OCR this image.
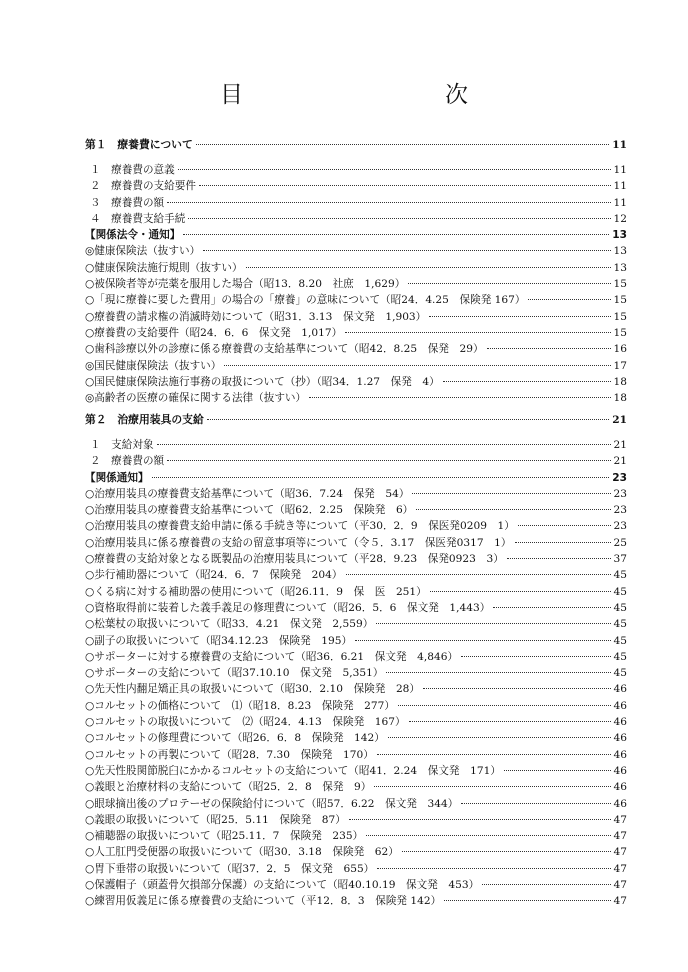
目　　次
第１　療養費について	11
１　療養費の意義	11
２　療養費の支給要件	11
３　療養費の額	11
４　療養費支給手続	12
【関係法令・通知】	13
◎健康保険法（抜すい）	13
○健康保険法施行規則（抜すい）	13
○被保険者等が売薬を服用した場合（昭13．8.20　社庶　1,629）	15
○「現に療養に要した費用」の場合の「療養」の意味について（昭24．4.25　保険発 167）	15
○療養費の請求権の消滅時効について（昭31．3.13　保文発　1,903）	15
○療養費の支給要件（昭24．6．6　保文発　1,017）	15
○歯科診療以外の診療に係る療養費の支給基準について（昭42．8.25　保発　29）	16
◎国民健康保険法（抜すい）	17
○国民健康保険法施行事務の取扱について（抄）（昭34．1.27　保発　4）	18
◎高齢者の医療の確保に関する法律（抜すい）	18
第２　治療用装具の支給	21
１　支給対象	21
２　療養費の額	21
【関係通知】	23
○治療用装具の療養費支給基準について（昭36．7.24　保発　54）	23
○治療用装具の療養費支給基準について（昭62．2.25　保険発　6）	23
○治療用装具の療養費支給申請に係る手続き等について（平30．2．9　保医発0209　1）	23
○治療用装具に係る療養費の支給の留意事項等について（令５．3.17　保医発0317　1）	25
○療養費の支給対象となる既製品の治療用装具について（平28．9.23　保発0923　3）	37
○歩行補助器について（昭24．6．7　保険発　204）	45
○くる病に対する補助器の使用について（昭26.11．9　保　医　251）	45
○資格取得前に装着した義手義足の修理費について（昭26．5．6　保文発　1,443）	45
○松葉杖の取扱いについて（昭33．4.21　保文発　2,559）	45
○副子の取扱いについて（昭34.12.23　保険発　195）	45
○サポーターに対する療養費の支給について（昭36．6.21　保文発　4,846）	45
○サポーターの支給について（昭37.10.10　保文発　5,351）	45
○先天性内翻足矯正具の取扱いについて（昭30．2.10　保険発　28）	46
○コルセットの価格について　⑴（昭18．8.23　保険発　277）	46
○コルセットの取扱いについて　⑵（昭24．4.13　保険発　167）	46
○コルセットの修理費について（昭26．6．8　保険発　142）	46
○コルセットの再製について（昭28．7.30　保険発　170）	46
○先天性股関節脱臼にかかるコルセットの支給について（昭41．2.24　保文発　171）	46
○義眼と治療材料の支給について（昭25．2．8　保発　9）	46
○眼球摘出後のプロテーゼの保険給付について（昭57．6.22　保文発　344）	46
○義眼の取扱いについて（昭25．5.11　保険発　87）	47
○補聴器の取扱いについて（昭25.11．7　保険発　235）	47
○人工肛門受便器の取扱いについて（昭30．3.18　保険発　62）	47
○胃下垂帯の取扱いについて（昭37．2．5　保文発　655）	47
○保護帽子（頭蓋骨欠損部分保護）の支給について（昭40.10.19　保文発　453）	47
○練習用仮義足に係る療養費の支給について（平12．8．3　保険発 142）	47
